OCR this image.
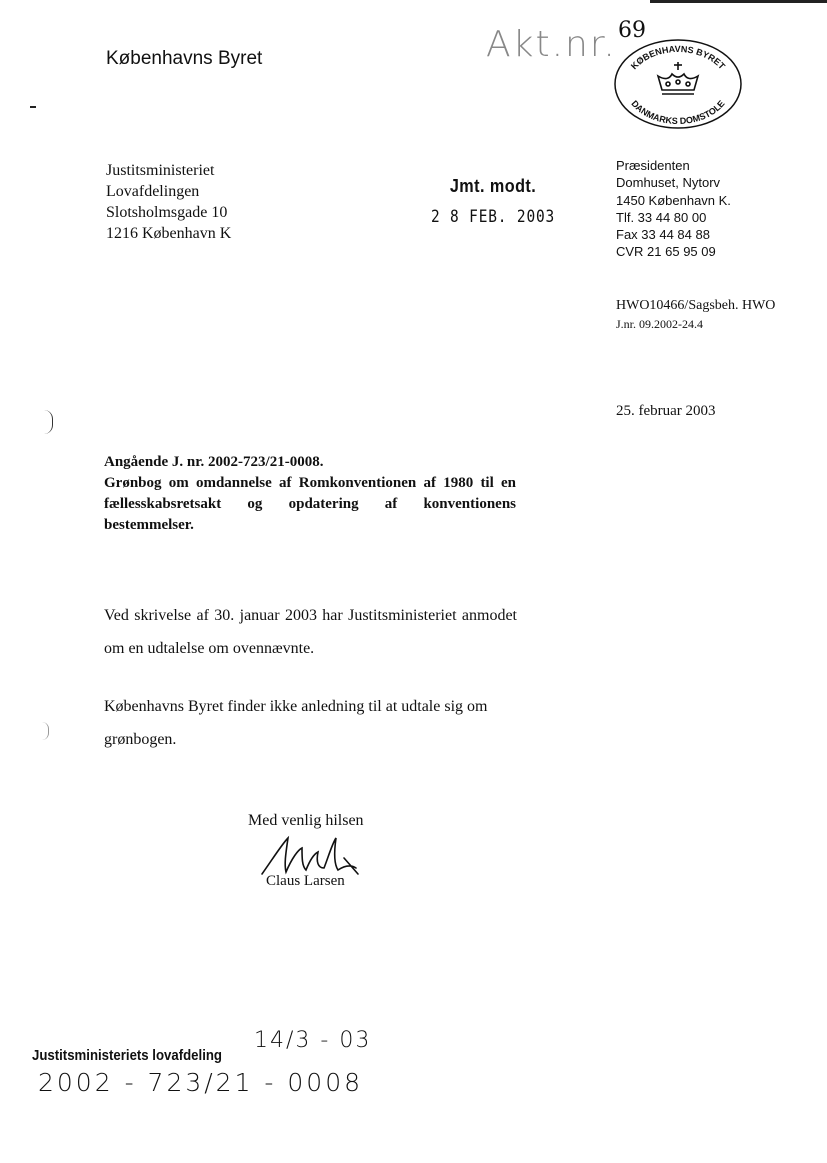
Københavns Byret	Akt.nr. 69
KØBENHAVNS BYRET
DANMARKS DOMSTOLE
Justitsministeriet
Lovafdelingen
Slotsholmsgade 10
1216 København K
Jmt. modt.
2 8 FEB. 2003
Præsidenten
Domhuset, Nytorv
1450 København K.
Tlf. 33 44 80 00
Fax 33 44 84 88
CVR 21 65 95 09
HWO10466/Sagsbeh. HWO
J.nr. 09.2002-24.4
25. februar 2003
Angående J. nr. 2002-723/21-0008.
Grønbog om omdannelse af Romkonventionen af 1980 til en fællesskabsretsakt og opdatering af konventionens bestemmelser.
Ved skrivelse af 30. januar 2003 har Justitsministeriet anmodet om en udtalelse om ovennævnte.
Københavns Byret finder ikke anledning til at udtale sig om grønbogen.
Med venlig hilsen
Claus Larsen
14/3 - 03
Justitsministeriets lovafdeling
2002 - 723/21 - 0008
